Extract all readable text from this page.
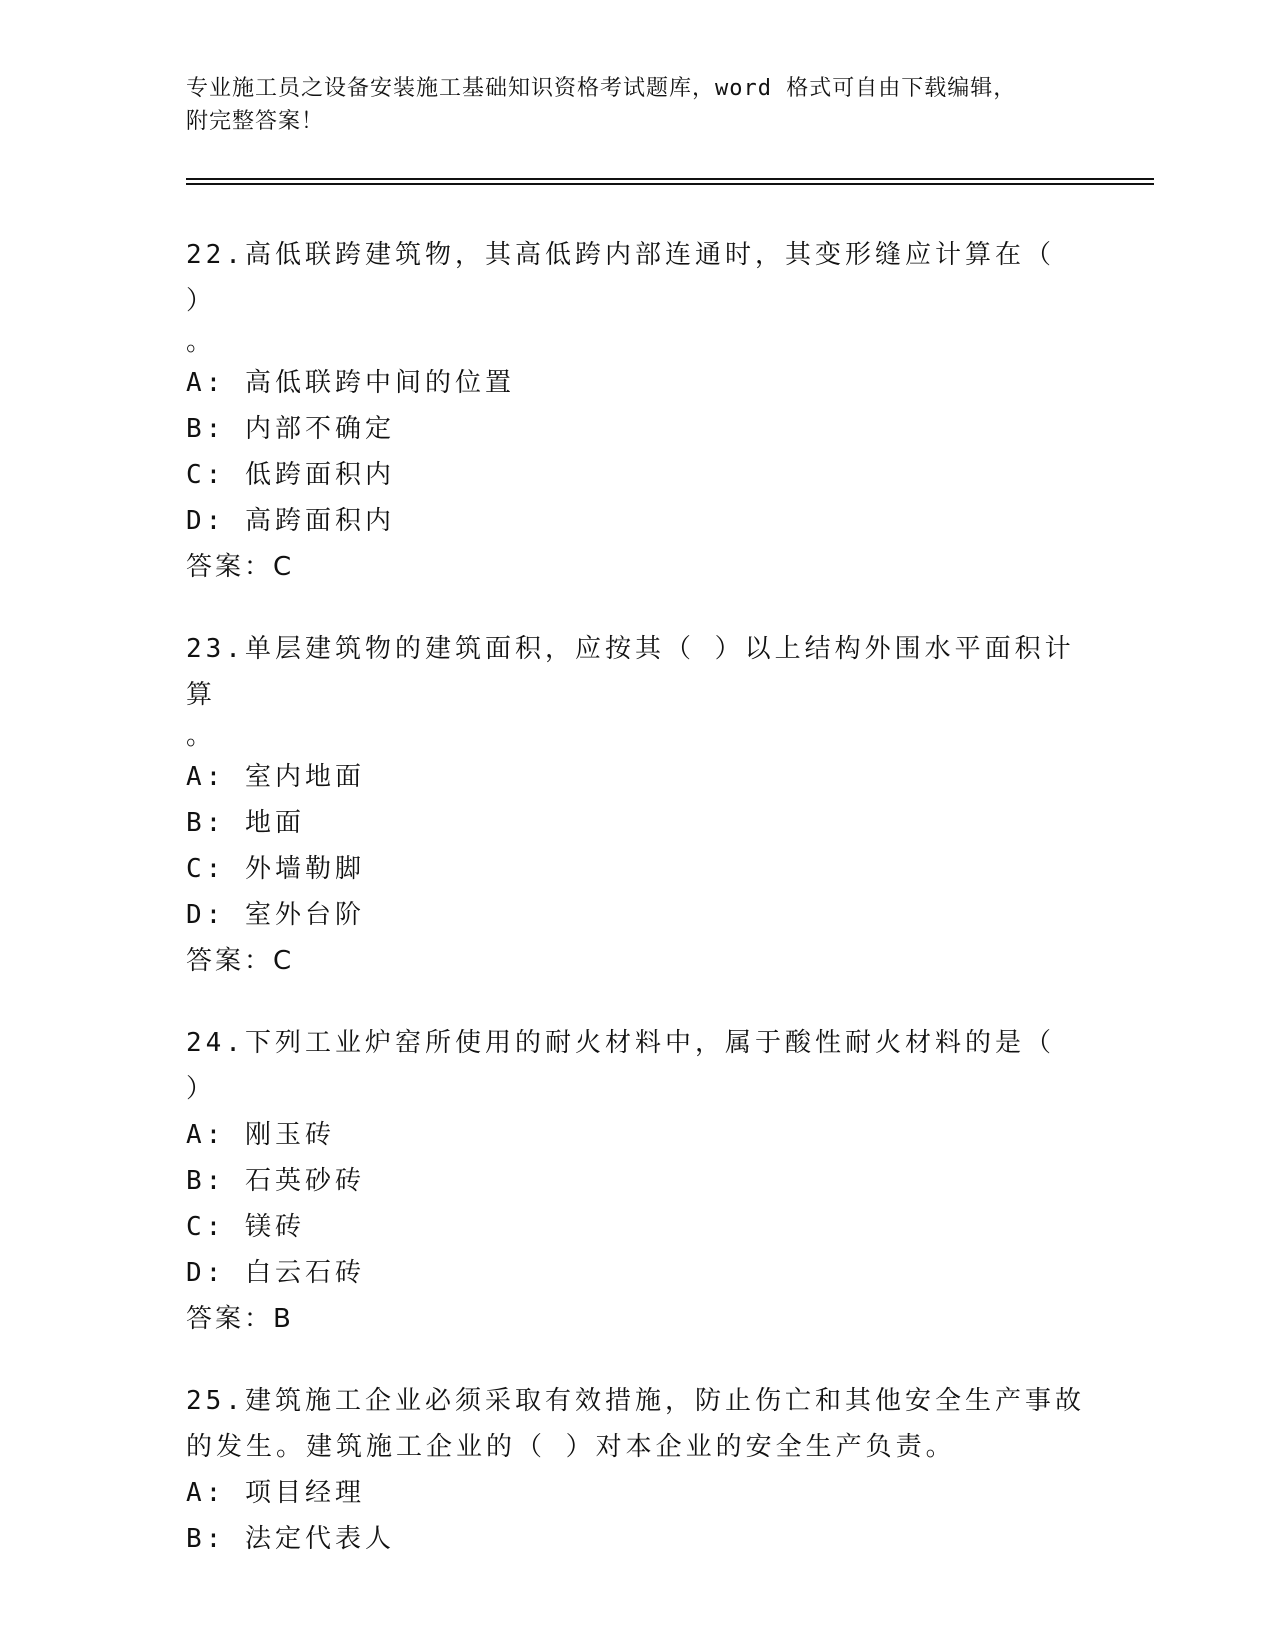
专业施工员之设备安装施工基础知识资格考试题库，word 格式可自由下载编辑，
附完整答案！

22.高低联跨建筑物，其高低跨内部连通时，其变形缝应计算在（ ）

。

A: 高低联跨中间的位置

B: 内部不确定

C: 低跨面积内

D: 高跨面积内

答案：C

23.单层建筑物的建筑面积，应按其（ ）以上结构外围水平面积计算

。

A: 室内地面

B: 地面

C: 外墙勒脚

D: 室外台阶

答案：C

24.下列工业炉窑所使用的耐火材料中，属于酸性耐火材料的是（ ）

A: 刚玉砖

B: 石英砂砖

C: 镁砖

D: 白云石砖

答案：B

25.建筑施工企业必须采取有效措施，防止伤亡和其他安全生产事故的发生。建筑施工企业的（ ）对本企业的安全生产负责。

A: 项目经理

B: 法定代表人
